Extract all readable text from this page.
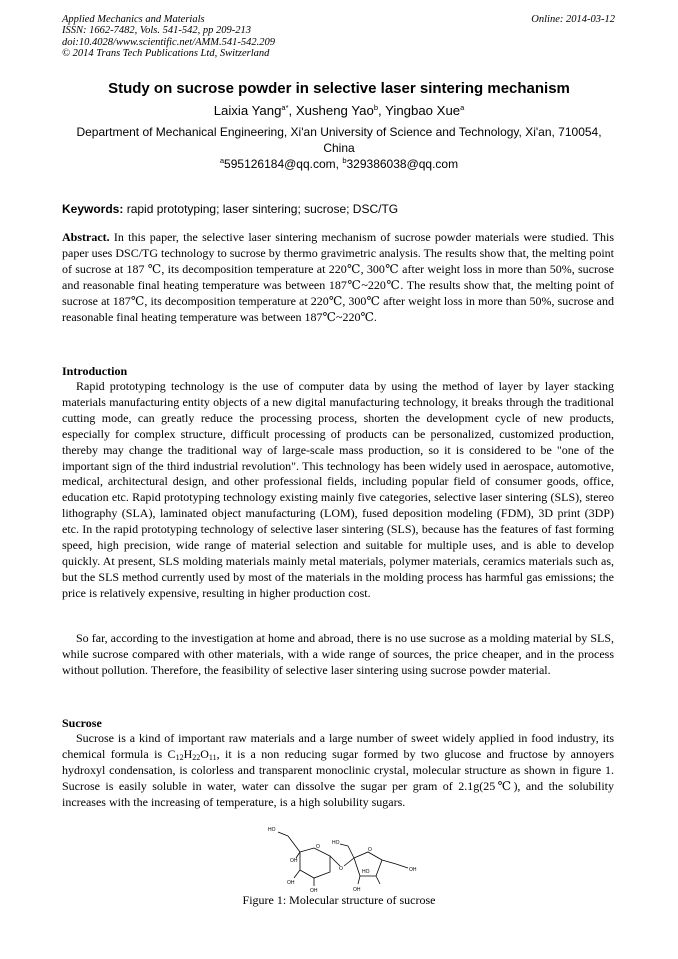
Applied Mechanics and Materials
ISSN: 1662-7482, Vols. 541-542, pp 209-213
doi:10.4028/www.scientific.net/AMM.541-542.209
© 2014 Trans Tech Publications Ltd, Switzerland
Online: 2014-03-12
Study on sucrose powder in selective laser sintering mechanism
Laixia Yang$^{a*}$, Xusheng Yao$^b$, Yingbao Xue$^a$
Department of Mechanical Engineering, Xi'an University of Science and Technology, Xi'an, 710054, China
$^a$595126184@qq.com, $^b$329386038@qq.com
Keywords: rapid prototyping; laser sintering; sucrose; DSC/TG
Abstract. In this paper, the selective laser sintering mechanism of sucrose powder materials were studied. This paper uses DSC/TG technology to sucrose by thermo gravimetric analysis. The results show that, the melting point of sucrose at 187 ℃, its decomposition temperature at 220℃, 300℃ after weight loss in more than 50%, sucrose and reasonable final heating temperature was between 187℃~220℃. The results show that, the melting point of sucrose at 187℃, its decomposition temperature at 220℃, 300℃ after weight loss in more than 50%, sucrose and reasonable final heating temperature was between 187℃~220℃.
Introduction
Rapid prototyping technology is the use of computer data by using the method of layer by layer stacking materials manufacturing entity objects of a new digital manufacturing technology, it breaks through the traditional cutting mode, can greatly reduce the processing process, shorten the development cycle of new products, especially for complex structure, difficult processing of products can be personalized, customized production, thereby may change the traditional way of large-scale mass production, so it is considered to be "one of the important sign of the third industrial revolution". This technology has been widely used in aerospace, automotive, medical, architectural design, and other professional fields, including popular field of consumer goods, office, education etc. Rapid prototyping technology existing mainly five categories, selective laser sintering (SLS), stereo lithography (SLA), laminated object manufacturing (LOM), fused deposition modeling (FDM), 3D print (3DP) etc. In the rapid prototyping technology of selective laser sintering (SLS), because has the features of fast forming speed, high precision, wide range of material selection and suitable for multiple uses, and is able to develop quickly. At present, SLS molding materials mainly metal materials, polymer materials, ceramics materials such as, but the SLS method currently used by most of the materials in the molding process has harmful gas emissions; the price is relatively expensive, resulting in higher production cost.
So far, according to the investigation at home and abroad, there is no use sucrose as a molding material by SLS, while sucrose compared with other materials, with a wide range of sources, the price cheaper, and in the process without pollution. Therefore, the feasibility of selective laser sintering using sucrose powder material.
Sucrose
Sucrose is a kind of important raw materials and a large number of sweet widely applied in food industry, its chemical formula is $C_{12}H_{22}O_{11}$, it is a non reducing sugar formed by two glucose and fructose by annoyers hydroxyl condensation, is colorless and transparent monoclinic crystal, molecular structure as shown in figure 1. Sucrose is easily soluble in water, water can dissolve the sugar per gram of 2.1g(25℃), and the solubility increases with the increasing of temperature, is a high solubility sugars.
HO
HO
OH
OH
HO
OH
O
O
O
OH
OH
Figure 1: Molecular structure of sucrose
